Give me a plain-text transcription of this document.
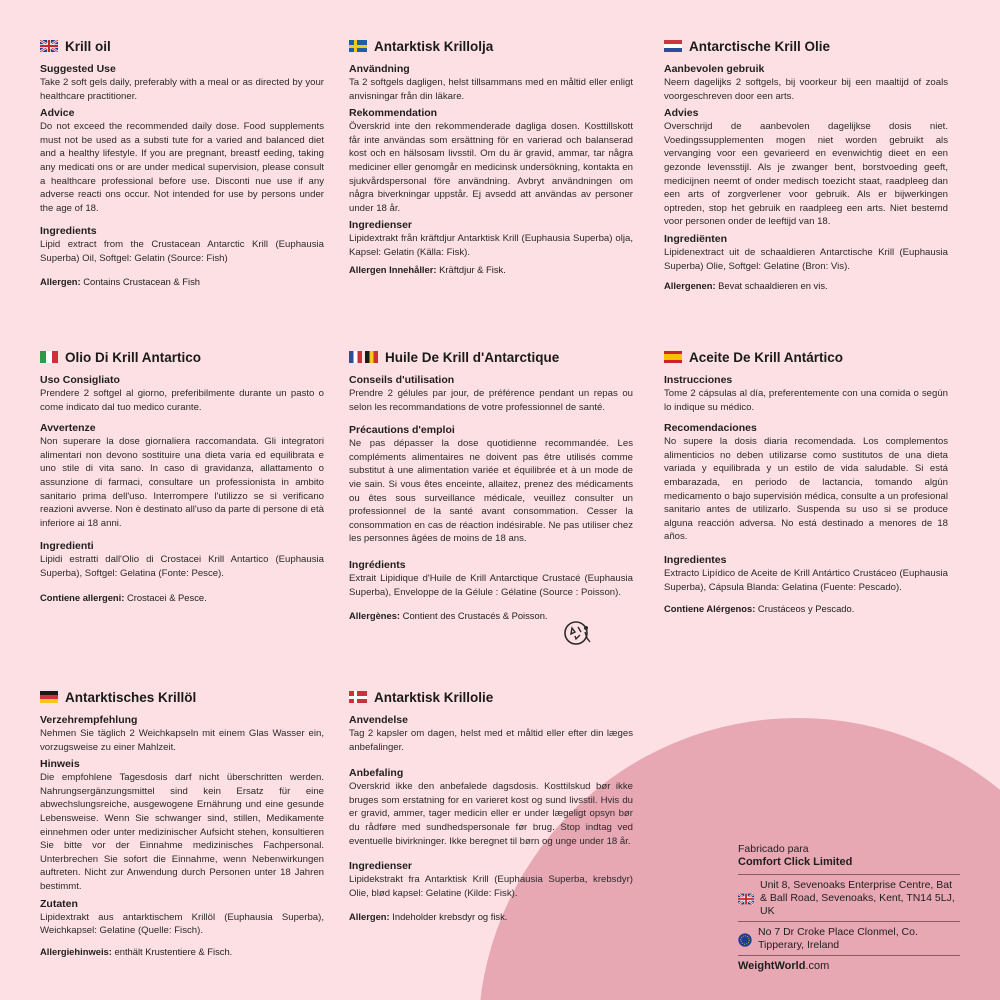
Krill oil
Suggested Use

Take 2 soft gels daily, preferably with a meal or as directed by your healthcare practitioner.

Advice

Do not exceed the recommended daily dose. Food supplements must not be used as a substi tute for a varied and balanced diet and a healthy lifestyle. If you are pregnant, breastf eeding, taking any medicati ons or are under medical supervision, please consult a healthcare professional before use. Disconti nue use if any adverse reacti ons occur. Not intended for use by persons under the age of 18.

Ingredients

Lipid extract from the Crustacean Antarctic Krill (Euphausia Superba) Oil, Softgel: Gelatin (Source: Fish)

Allergen: Contains Crustacean & Fish
Antarktisk Krillolja
Användning

Ta 2 softgels dagligen, helst tillsammans med en måltid eller enligt anvisningar från din läkare.

Rekommendation

Överskrid inte den rekommenderade dagliga dosen. Kosttillskott får inte användas som ersättning för en varierad och balanserad kost och en hälsosam livsstil. Om du är gravid, ammar, tar några mediciner eller genomgår en medicinsk undersökning, kontakta en sjukvårdspersonal före användning. Avbryt användningen om några biverkningar uppstår. Ej avsedd att användas av personer under 18 år.

Ingredienser

Lipidextrakt från kräftdjur Antarktisk Krill (Euphausia Superba) olja, Kapsel: Gelatin (Källa: Fisk).

Allergen Innehåller: Kräftdjur & Fisk.
Antarctische Krill Olie
Aanbevolen gebruik

Neem dagelijks 2 softgels, bij voorkeur bij een maaltijd of zoals voorgeschreven door een arts.

Advies

Overschrijd de aanbevolen dagelijkse dosis niet. Voedingssupplementen mogen niet worden gebruikt als vervanging voor een gevarieerd en evenwichtig dieet en een gezonde levensstijl. Als je zwanger bent, borstvoeding geeft, medicijnen neemt of onder medisch toezicht staat, raadpleeg dan een arts of zorgverlener voor gebruik. Als er bijwerkingen optreden, stop het gebruik en raadpleeg een arts. Niet bestemd voor personen onder de leeftijd van 18.

Ingrediënten

Lipidenextract uit de schaaldieren Antarctische Krill (Euphausia Superba) Olie, Softgel: Gelatine (Bron: Vis).

Allergenen: Bevat schaaldieren en vis.
Olio Di Krill Antartico
Uso Consigliato

Prendere 2 softgel al giorno, preferibilmente durante un pasto o come indicato dal tuo medico curante.

Avvertenze

Non superare la dose giornaliera raccomandata. Gli integratori alimentari non devono sostituire una dieta varia ed equilibrata e uno stile di vita sano. In caso di gravidanza, allattamento o assunzione di farmaci, consultare un professionista in ambito sanitario prima dell'uso. Interrompere l'utilizzo se si verificano reazioni avverse. Non è destinato all'uso da parte di persone di età inferiore ai 18 anni.

Ingredienti

Lipidi estratti dall'Olio di Crostacei Krill Antartico (Euphausia Superba), Softgel: Gelatina (Fonte: Pesce).

Contiene allergeni: Crostacei & Pesce.
Huile De Krill d'Antarctique
Conseils d'utilisation

Prendre 2 gélules par jour, de préférence pendant un repas ou selon les recommandations de votre professionnel de santé.

Précautions d'emploi

Ne pas dépasser la dose quotidienne recommandée. Les compléments alimentaires ne doivent pas être utilisés comme substitut à une alimentation variée et équilibrée et à un mode de vie sain. Si vous êtes enceinte, allaitez, prenez des médicaments ou êtes sous surveillance médicale, veuillez consulter un professionnel de la santé avant consommation. Cesser la consommation en cas de réaction indésirable. Ne pas utiliser chez les personnes âgées de moins de 18 ans.

Ingrédients

Extrait Lipidique d'Huile de Krill Antarctique Crustacé (Euphausia Superba), Enveloppe de la Gélule : Gélatine (Source : Poisson).

Allergènes: Contient des Crustacés & Poisson.
Aceite De Krill Antártico
Instrucciones

Tome 2 cápsulas al día, preferentemente con una comida o según lo indique su médico.

Recomendaciones

No supere la dosis diaria recomendada. Los complementos alimenticios no deben utilizarse como sustitutos de una dieta variada y equilibrada y un estilo de vida saludable. Si está embarazada, en periodo de lactancia, tomando algún medicamento o bajo supervisión médica, consulte a un profesional sanitario antes de utilizarlo. Suspenda su uso si se produce alguna reacción adversa. No está destinado a menores de 18 años.

Ingredientes

Extracto Lipídico de Aceite de Krill Antártico Crustáceo (Euphausia Superba), Cápsula Blanda: Gelatina (Fuente: Pescado).

Contiene Alérgenos: Crustáceos y Pescado.
Antarktisches Krillöl
Verzehrempfehlung

Nehmen Sie täglich 2 Weichkapseln mit einem Glas Wasser ein, vorzugsweise zu einer Mahlzeit.

Hinweis

Die empfohlene Tagesdosis darf nicht überschritten werden. Nahrungsergänzungsmittel sind kein Ersatz für eine abwechslungsreiche, ausgewogene Ernährung und eine gesunde Lebensweise. Wenn Sie schwanger sind, stillen, Medikamente einnehmen oder unter medizinischer Aufsicht stehen, konsultieren Sie bitte vor der Einnahme medizinisches Fachpersonal. Unterbrechen Sie sofort die Einnahme, wenn Nebenwirkungen auftreten. Nicht zur Anwendung durch Personen unter 18 Jahren bestimmt.

Zutaten

Lipidextrakt aus antarktischem Krillöl (Euphausia Superba), Weichkapsel: Gelatine (Quelle: Fisch).

Allergiehinweis: enthält Krustentiere & Fisch.
Antarktisk Krillolie
Anvendelse

Tag 2 kapsler om dagen, helst med et måltid eller efter din læges anbefalinger.

Anbefaling

Overskrid ikke den anbefalede dagsdosis. Kosttilskud bør ikke bruges som erstatning for en varieret kost og sund livsstil. Hvis du er gravid, ammer, tager medicin eller er under lægeligt opsyn bør du rådføre med sundhedspersonale før brug. Stop indtag ved eventuelle bivirkninger. Ikke beregnet til børn og unge under 18 år.

Ingredienser

Lipidekstrakt fra Antarktisk Krill (Euphausia Superba, krebsdyr) Olie, blød kapsel: Gelatine (Kilde: Fisk).

Allergen: Indeholder krebsdyr og fisk.
Fabricado para
Comfort Click Limited
Unit 8, Sevenoaks Enterprise Centre, Bat & Ball Road, Sevenoaks, Kent, TN14 5LJ, UK
No 7 Dr Croke Place Clonmel, Co. Tipperary, Ireland
WeightWorld.com
